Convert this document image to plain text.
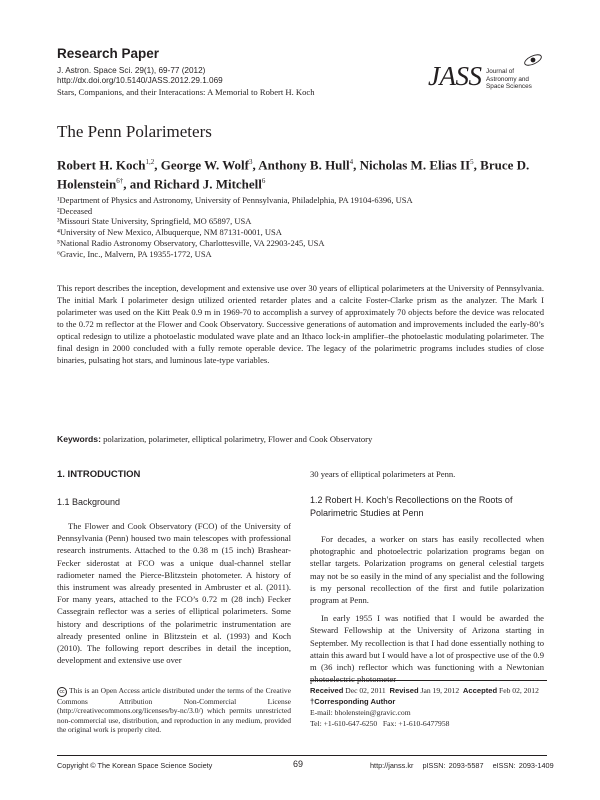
Research Paper
J. Astron. Space Sci. 29(1), 69-77 (2012)
http://dx.doi.org/10.5140/JASS.2012.29.1.069
Stars, Companions, and their Interacations: A Memorial to Robert H. Koch
JASS Journal of
Astronomy and
Space Sciences
The Penn Polarimeters
Robert H. Koch$^{1,2}$, George W. Wolf$^3$, Anthony B. Hull$^4$, Nicholas M. Elias $II^5$, Bruce D. Holenstein$^{6\dagger}$, and Richard J. Mitchell$^6$
¹Department of Physics and Astronomy, University of Pennsylvania, Philadelphia, PA 19104-6396, USA
²Deceased
³Missouri State University, Springfield, MO 65897, USA
⁴University of New Mexico, Albuquerque, NM 87131-0001, USA
⁵National Radio Astronomy Observatory, Charlottesville, VA 22903-245, USA
⁶Gravic, Inc., Malvern, PA 19355-1772, USA
This report describes the inception, development and extensive use over 30 years of elliptical polarimeters at the University of Pennsylvania. The initial Mark I polarimeter design utilized oriented retarder plates and a calcite Foster-Clarke prism as the analyzer. The Mark I polarimeter was used on the Kitt Peak 0.9 m in 1969-70 to accomplish a survey of approximately 70 objects before the device was relocated to the 0.72 m reflector at the Flower and Cook Observatory. Successive generations of automation and improvements included the early-80’s optical redesign to utilize a photoelastic modulated wave plate and an Ithaco lock-in amplifier–the photoelastic modulating polarimeter. The final design in 2000 concluded with a fully remote operable device. The legacy of the polarimetric programs includes studies of close binaries, pulsating hot stars, and luminous late-type variables.
Keywords: polarization, polarimeter, elliptical polarimetry, Flower and Cook Observatory
1. INTRODUCTION
1.1 Background

The Flower and Cook Observatory (FCO) of the University of Pennsylvania (Penn) housed two main telescopes with professional research instruments. Attached to the 0.38 m (15 inch) Brashear-Fecker siderostat at FCO was a unique dual-channel stellar radiometer named the Pierce-Blitzstein photometer. A history of this instrument was already presented in Ambruster et al. (2011). For many years, attached to the FCO’s 0.72 m (28 inch) Fecker Cassegrain reflector was a series of elliptical polarimeters. Some history and descriptions of the polarimetric instrumentation are already presented online in Blitzstein et al. (1993) and Koch (2010). The following report describes in detail the inception, development and extensive use over

30 years of elliptical polarimeters at Penn.

1.2 Robert H. Koch’s Recollections on the Roots of Polarimetric Studies at Penn

For decades, a worker on stars has easily recollected when photographic and photoelectric polarization programs began on stellar targets. Polarization programs on general celestial targets may not be so easily in the mind of any specialist and the following is my personal recollection of the first and futile polarization program at Penn.

In early 1955 I was notified that I would be awarded the Steward Fellowship at the University of Arizona starting in September. My recollection is that I had done essentially nothing to attain this award but I would have a lot of prospective use of the 0.9 m (36 inch) reflector which was functioning with a Newtonian photoelectric photometer

cc This is an Open Access article distributed under the terms of the Creative Commons Attribution Non-Commercial License (http://creativecommons.org/licenses/by-nc/3.0/) which permits unrestricted non-commercial use, distribution, and reproduction in any medium, provided the original work is properly cited.
Received Dec 02, 2011 Revised Jan 19, 2012 Accepted Feb 02, 2012
†Corresponding Author
E-mail: bholenstein@gravic.com
Tel: +1-610-647-6250   Fax: +1-610-6477958
Copyright © The Korean Space Science Society	69	http://janss.kr   pISSN: 2093-5587   eISSN: 2093-1409
